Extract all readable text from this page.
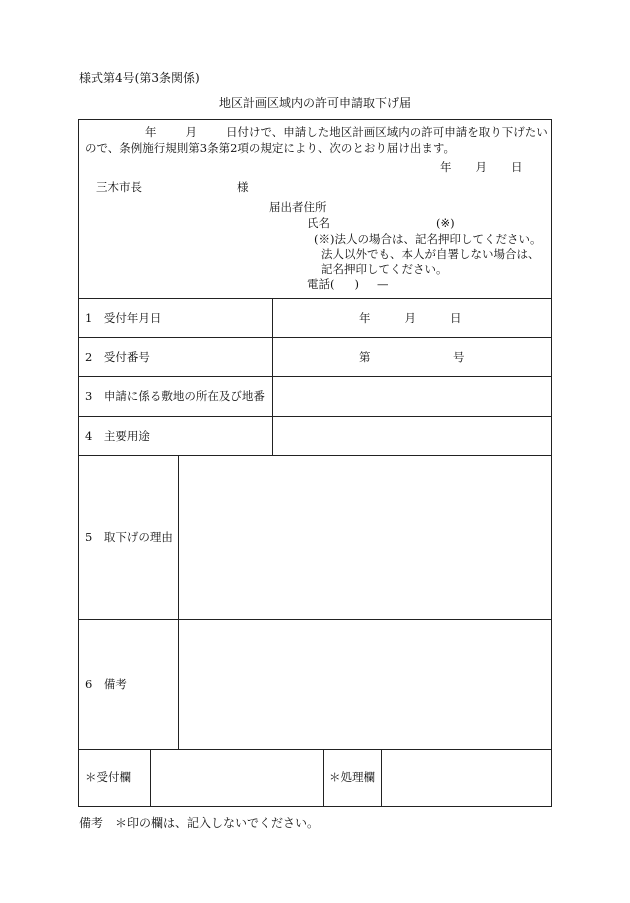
様式第4号(第3条関係)
地区計画区域内の許可申請取下げ届
年	月	日付けで、申請した地区計画区域内の許可申請を取り下げたい
ので、条例施行規則第3条第2項の規定により、次のとおり届け出ます。
年 月 日
三木市長	様
届出者住所
氏名	(※)
(※)法人の場合は、記名押印してください。
法人以外でも、本人が自署しない場合は、
記名押印してください。
電話( ) —
1　受付年月日	年	月	日
2　受付番号	第	号
3　申請に係る敷地の所在及び地番
4　主要用途
5　取下げの理由
6　備考
＊受付欄	＊処理欄
備考　＊印の欄は、記入しないでください。
